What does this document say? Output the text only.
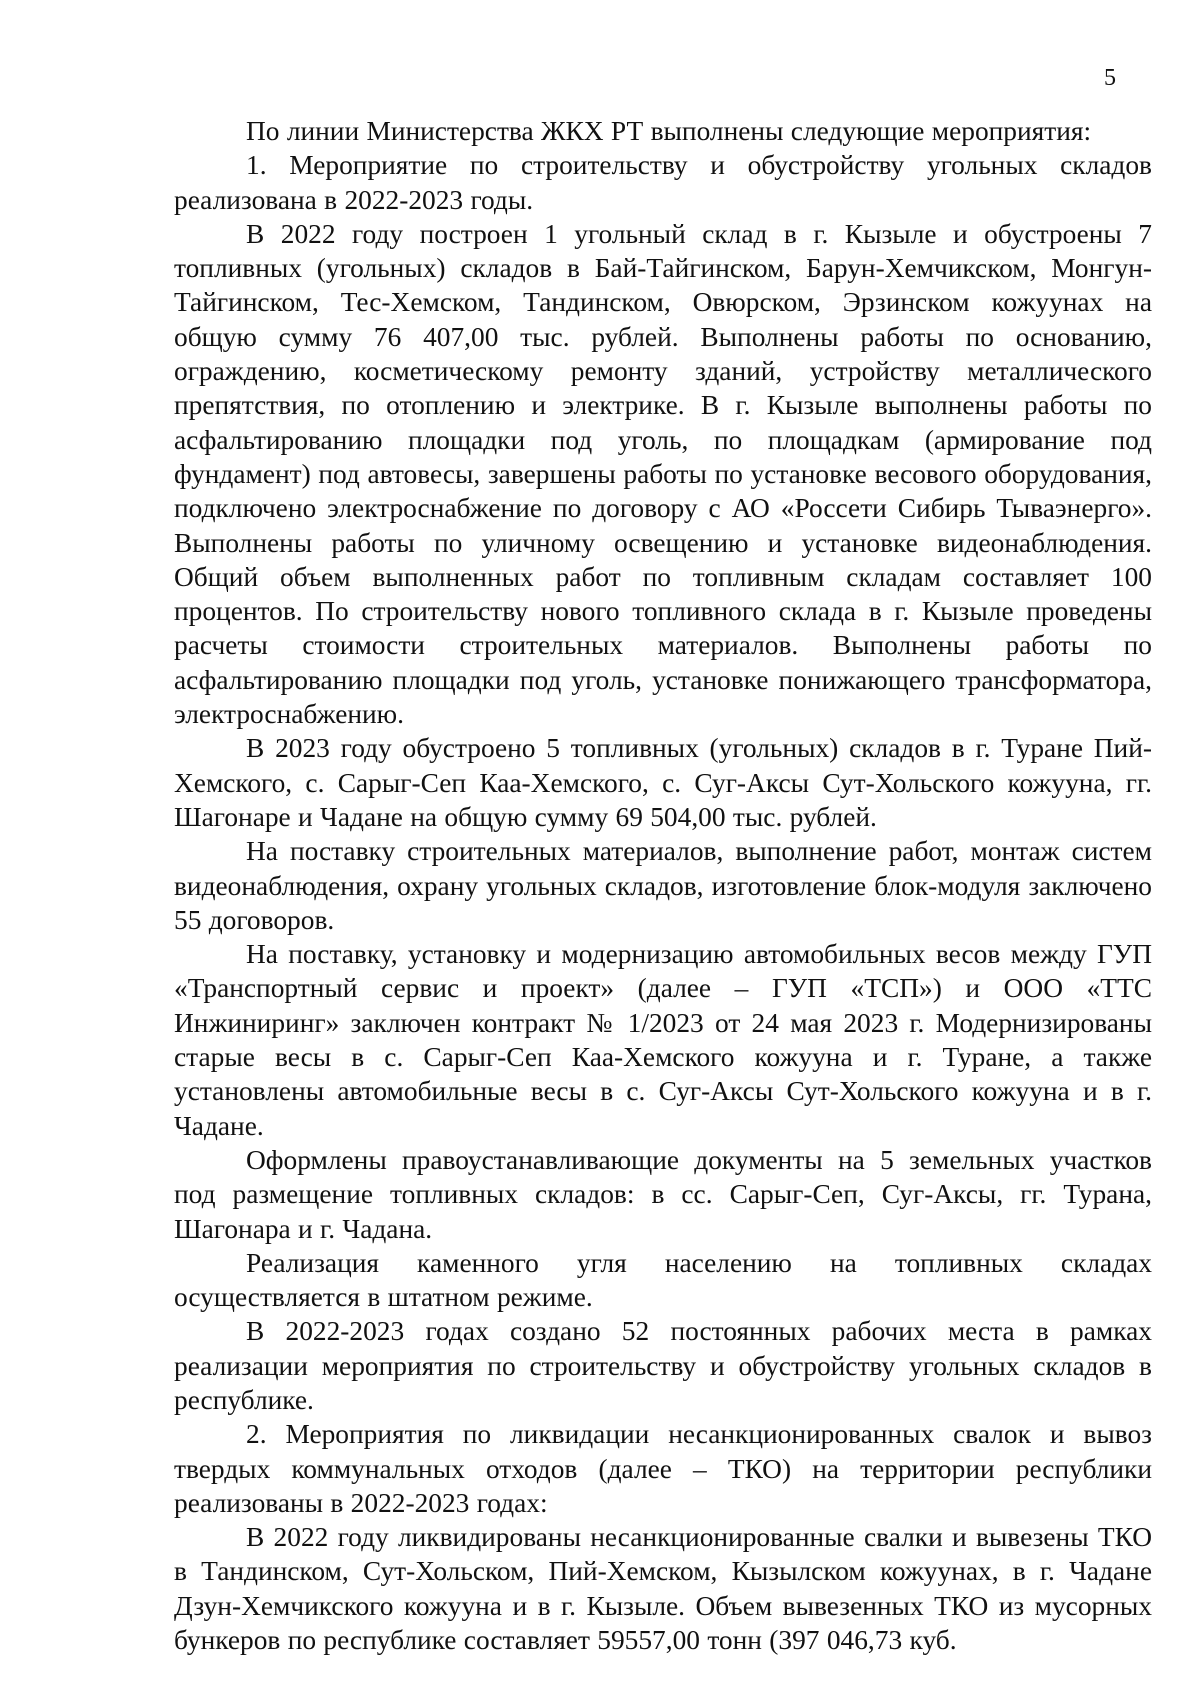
5

По линии Министерства ЖКХ РТ выполнены следующие мероприятия:

1. Мероприятие по строительству и обустройству угольных складов реализована в 2022-2023 годы.

В 2022 году построен 1 угольный склад в г. Кызыле и обустроены 7 топливных (угольных) складов в Бай-Тайгинском, Барун-Хемчикском, Монгун-Тайгинском, Тес-Хемском, Тандинском, Овюрском, Эрзинском кожуунах на общую сумму 76 407,00 тыс. рублей. Выполнены работы по основанию, ограждению, косметическому ремонту зданий, устройству металлического препятствия, по отоплению и электрике. В г. Кызыле выполнены работы по асфальтированию площадки под уголь, по площадкам (армирование под фундамент) под автовесы, завершены работы по установке весового оборудования, подключено электроснабжение по договору с АО «Россети Сибирь Тываэнерго». Выполнены работы по уличному освещению и установке видеонаблюдения. Общий объем выполненных работ по топливным складам составляет 100 процентов. По строительству нового топливного склада в г. Кызыле проведены расчеты стоимости строительных материалов. Выполнены работы по асфальтированию площадки под уголь, установке понижающего трансформатора, электроснабжению.

В 2023 году обустроено 5 топливных (угольных) складов в г. Туране Пий-Хемского, с. Сарыг-Сеп Каа-Хемского, с. Суг-Аксы Сут-Хольского кожууна, гг. Шагонаре и Чадане на общую сумму 69 504,00 тыс. рублей.

На поставку строительных материалов, выполнение работ, монтаж систем видеонаблюдения, охрану угольных складов, изготовление блок-модуля заключено 55 договоров.

На поставку, установку и модернизацию автомобильных весов между ГУП «Транспортный сервис и проект» (далее – ГУП «ТСП») и ООО «ТТС Инжиниринг» заключен контракт № 1/2023 от 24 мая 2023 г. Модернизированы старые весы в с. Сарыг-Сеп Каа-Хемского кожууна и г. Туране, а также установлены автомобильные весы в с. Суг-Аксы Сут-Хольского кожууна и в г. Чадане.

Оформлены правоустанавливающие документы на 5 земельных участков под размещение топливных складов: в сс. Сарыг-Сеп, Суг-Аксы, гг. Турана, Шагонара и г. Чадана.

Реализация каменного угля населению на топливных складах осуществляется в штатном режиме.

В 2022-2023 годах создано 52 постоянных рабочих места в рамках реализации мероприятия по строительству и обустройству угольных складов в республике.

2. Мероприятия по ликвидации несанкционированных свалок и вывоз твердых коммунальных отходов (далее – ТКО) на территории республики реализованы в 2022-2023 годах:

В 2022 году ликвидированы несанкционированные свалки и вывезены ТКО в Тандинском, Сут-Хольском, Пий-Хемском, Кызылском кожуунах, в г. Чадане Дзун-Хемчикского кожууна и в г. Кызыле. Объем вывезенных ТКО из мусорных бункеров по республике составляет 59557,00 тонн (397 046,73 куб.
